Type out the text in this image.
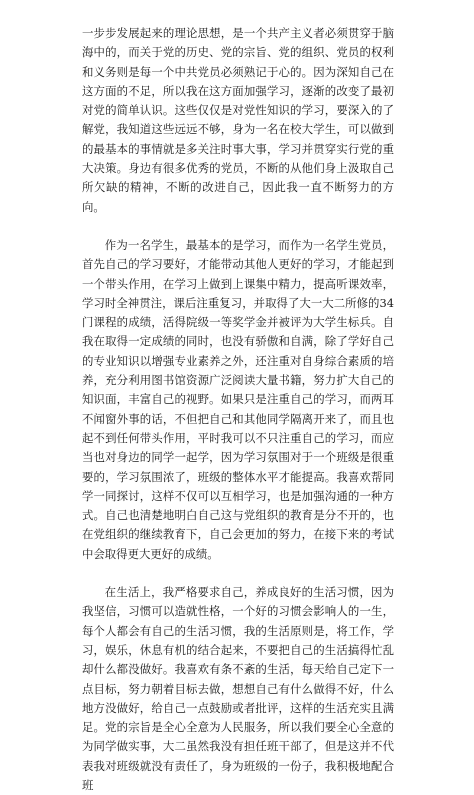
一步步发展起来的理论思想，是一个共产主义者必须贯穿于脑海中的，而关于党的历史、党的宗旨、党的组织、党员的权利和义务则是每一个中共党员必须熟记于心的。因为深知自己在这方面的不足，所以我在这方面加强学习，逐渐的改变了最初对党的简单认识。这些仅仅是对党性知识的学习，要深入的了解党，我知道这些远远不够，身为一名在校大学生，可以做到的最基本的事情就是多关注时事大事，学习并贯穿实行党的重大决策。身边有很多优秀的党员，不断的从他们身上汲取自己所欠缺的精神，不断的改进自己，因此我一直不断努力的方向。

作为一名学生，最基本的是学习，而作为一名学生党员，首先自己的学习要好，才能带动其他人更好的学习，才能起到一个带头作用，在学习上做到上课集中精力，提高听课效率，学习时全神贯注，课后注重复习，并取得了大一大二所修的34门课程的成绩，活得院级一等奖学金并被评为大学生标兵。自我在取得一定成绩的同时，也没有骄傲和自满，除了学好自己的专业知识以增强专业素养之外，还注重对自身综合素质的培养，充分利用图书馆资源广泛阅读大量书籍，努力扩大自己的知识面，丰富自己的视野。如果只是注重自己的学习，而两耳不闻窗外事的话，不但把自己和其他同学隔离开来了，而且也起不到任何带头作用，平时我可以不只注重自己的学习，而应当也对身边的同学一起学，因为学习氛围对于一个班级是很重要的，学习氛围浓了，班级的整体水平才能提高。我喜欢帮同学一同探讨，这样不仅可以互相学习，也是加强沟通的一种方式。自己也清楚地明白自己这与党组织的教育是分不开的，也在党组织的继续教育下，自己会更加的努力，在接下来的考试中会取得更大更好的成绩。

在生活上，我严格要求自己，养成良好的生活习惯，因为我坚信，习惯可以造就性格，一个好的习惯会影响人的一生，每个人都会有自己的生活习惯，我的生活原则是，将工作，学习，娱乐，休息有机的结合起来，不要把自己的生活搞得忙乱却什么都没做好。我喜欢有条不紊的生活，每天给自己定下一点目标，努力朝着目标去做，想想自己有什么做得不好，什么地方没做好，给自己一点鼓励或者批评，这样的生活充实且满足。党的宗旨是全心全意为人民服务，所以我们要全心全意的为同学做实事，大二虽然我没有担任班干部了，但是这并不代表我对班级就没有责任了，身为班级的一份子，我积极地配合班
